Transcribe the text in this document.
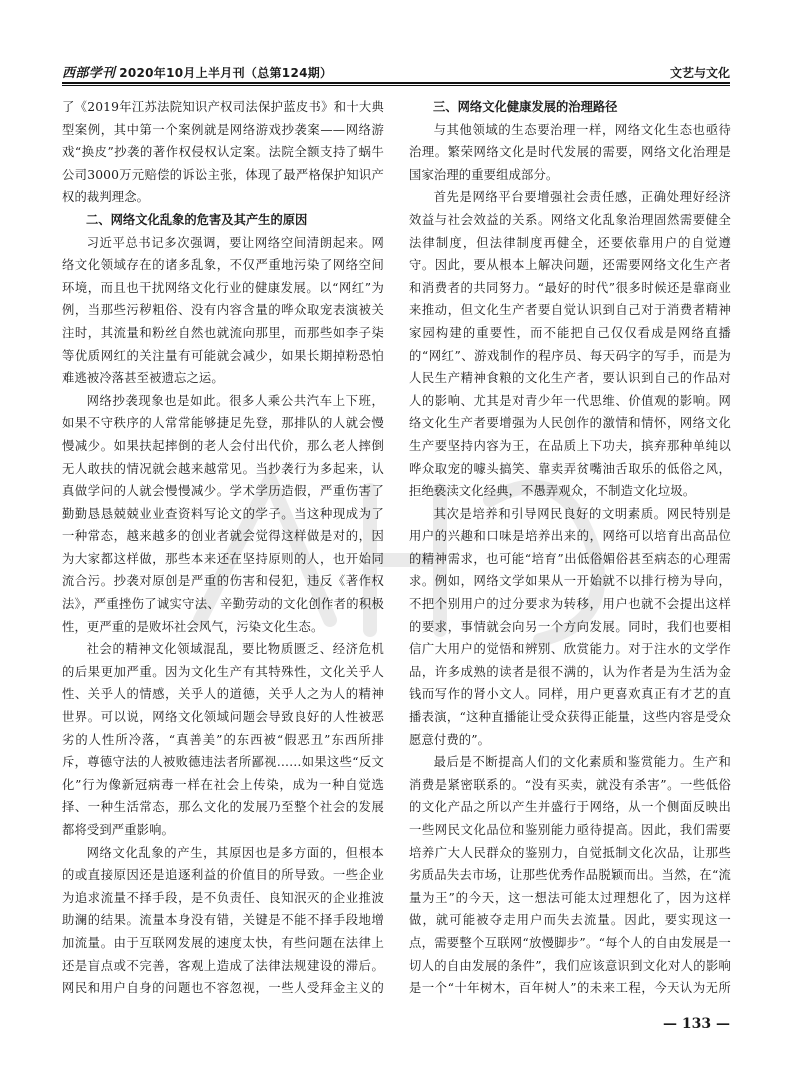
西部学刊 2020年10月上半月刊（总第124期）	文艺与文化

了《2019年江苏法院知识产权司法保护蓝皮书》和十大典型案例，其中第一个案例就是网络游戏抄袭案——网络游戏“换皮”抄袭的著作权侵权认定案。法院全额支持了蜗牛公司3000万元赔偿的诉讼主张，体现了最严格保护知识产权的裁判理念。

二、网络文化乱象的危害及其产生的原因

习近平总书记多次强调，要让网络空间清朗起来。网络文化领域存在的诸多乱象，不仅严重地污染了网络空间环境，而且也干扰网络文化行业的健康发展。以“网红”为例，当那些污秽粗俗、没有内容含量的哗众取宠表演被关注时，其流量和粉丝自然也就流向那里，而那些如李子柒等优质网红的关注量有可能就会减少，如果长期掉粉恐怕难逃被冷落甚至被遗忘之运。

网络抄袭现象也是如此。很多人乘公共汽车上下班，如果不守秩序的人常常能够捷足先登，那排队的人就会慢慢减少。如果扶起摔倒的老人会付出代价，那么老人摔倒无人敢扶的情况就会越来越常见。当抄袭行为多起来，认真做学问的人就会慢慢减少。学术学历造假，严重伤害了勤勤恳恳兢兢业业查资料写论文的学子。当这种现成为了一种常态，越来越多的创业者就会觉得这样做是对的，因为大家都这样做，那些本来还在坚持原则的人，也开始同流合污。抄袭对原创是严重的伤害和侵犯，违反《著作权法》，严重挫伤了诚实守法、辛勤劳动的文化创作者的积极性，更严重的是败坏社会风气，污染文化生态。

社会的精神文化领域混乱，要比物质匮乏、经济危机的后果更加严重。因为文化生产有其特殊性，文化关乎人性、关乎人的情感，关乎人的道德，关乎人之为人的精神世界。可以说，网络文化领域问题会导致良好的人性被恶劣的人性所冷落，“真善美”的东西被“假恶丑”东西所排斥，尊德守法的人被败德违法者所鄙视……如果这些“反文化”行为像新冠病毒一样在社会上传染，成为一种自觉选择、一种生活常态，那么文化的发展乃至整个社会的发展都将受到严重影响。

网络文化乱象的产生，其原因也是多方面的，但根本的或直接原因还是追逐利益的价值目的所导致。一些企业为追求流量不择手段，是不负责任、良知泯灭的企业推波助澜的结果。流量本身没有错，关键是不能不择手段地增加流量。由于互联网发展的速度太快，有些问题在法律上还是盲点或不完善，客观上造成了法律法规建设的滞后。网民和用户自身的问题也不容忽视，一些人受拜金主义的

三、网络文化健康发展的治理路径

与其他领域的生态要治理一样，网络文化生态也亟待治理。繁荣网络文化是时代发展的需要，网络文化治理是国家治理的重要组成部分。

首先是网络平台要增强社会责任感，正确处理好经济效益与社会效益的关系。网络文化乱象治理固然需要健全法律制度，但法律制度再健全，还要依靠用户的自觉遵守。因此，要从根本上解决问题，还需要网络文化生产者和消费者的共同努力。“最好的时代”很多时候还是靠商业来推动，但文化生产者要自觉认识到自己对于消费者精神家园构建的重要性，而不能把自己仅仅看成是网络直播的“网红”、游戏制作的程序员、每天码字的写手，而是为人民生产精神食粮的文化生产者，要认识到自己的作品对人的影响、尤其是对青少年一代思维、价值观的影响。网络文化生产者要增强为人民创作的激情和情怀，网络文化生产要坚持内容为王，在品质上下功夫，摈弃那种单纯以哗众取宠的噱头搞笑、靠卖弄贫嘴油舌取乐的低俗之风，拒绝亵渎文化经典，不愚弄观众，不制造文化垃圾。

其次是培养和引导网民良好的文明素质。网民特别是用户的兴趣和口味是培养出来的，网络可以培育出高品位的精神需求，也可能“培育”出低俗媚俗甚至病态的心理需求。例如，网络文学如果从一开始就不以排行榜为导向，不把个别用户的过分要求为转移，用户也就不会提出这样的要求，事情就会向另一个方向发展。同时，我们也要相信广大用户的觉悟和辨别、欣赏能力。对于注水的文学作品，许多成熟的读者是很不满的，认为作者是为生活为金钱而写作的肾小文人。同样，用户更喜欢真正有才艺的直播表演，“这种直播能让受众获得正能量，这些内容是受众愿意付费的”。

最后是不断提高人们的文化素质和鉴赏能力。生产和消费是紧密联系的。“没有买卖，就没有杀害”。一些低俗的文化产品之所以产生并盛行于网络，从一个侧面反映出一些网民文化品位和鉴别能力亟待提高。因此，我们需要培养广大人民群众的鉴别力，自觉抵制文化次品，让那些劣质品失去市场，让那些优秀作品脱颖而出。当然，在“流量为王”的今天，这一想法可能太过理想化了，因为这样做，就可能被夺走用户而失去流量。因此，要实现这一点，需要整个互联网“放慢脚步”。“每个人的自由发展是一切人的自由发展的条件”，我们应该意识到文化对人的影响是一个“十年树木，百年树人”的未来工程，今天认为无所

— 133 —
